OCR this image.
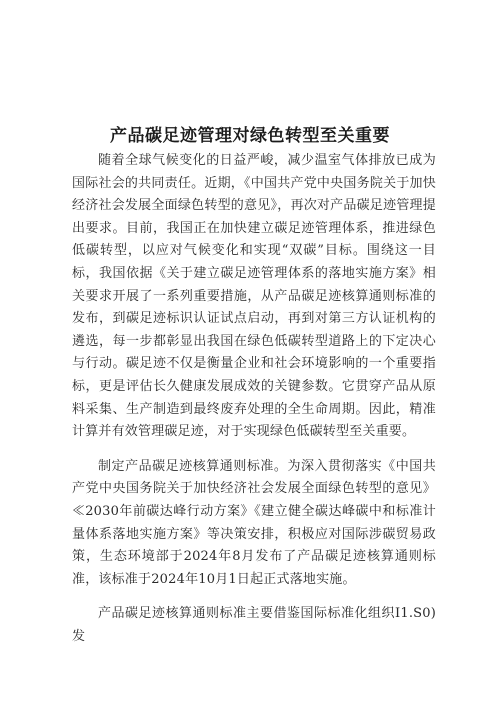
产品碳足迹管理对绿色转型至关重要

随着全球气候变化的日益严峻，减少温室气体排放已成为国际社会的共同责任。近期，《中国共产党中央国务院关于加快经济社会发展全面绿色转型的意见》，再次对产品碳足迹管理提出要求。目前，我国正在加快建立碳足迹管理体系，推进绿色低碳转型，以应对气候变化和实现“双碳”目标。围绕这一目标，我国依据《关于建立碳足迹管理体系的落地实施方案》相关要求开展了一系列重要措施，从产品碳足迹核算通则标准的发布，到碳足迹标识认证试点启动，再到对第三方认证机构的遴选，每一步都彰显出我国在绿色低碳转型道路上的下定决心与行动。碳足迹不仅是衡量企业和社会环境影响的一个重要指标，更是评估长久健康发展成效的关键参数。它贯穿产品从原料采集、生产制造到最终废弃处理的全生命周期。因此，精准计算并有效管理碳足迹，对于实现绿色低碳转型至关重要。

制定产品碳足迹核算通则标准。为深入贯彻落实《中国共产党中央国务院关于加快经济社会发展全面绿色转型的意见》≪2030年前碳达峰行动方案》《建立健全碳达峰碳中和标准计量体系落地实施方案》等决策安排，积极应对国际涉碳贸易政策，生态环境部于2024年8月发布了产品碳足迹核算通则标准，该标准于2024年10月1日起正式落地实施。

产品碳足迹核算通则标准主要借鉴国际标准化组织I1.S0)发
